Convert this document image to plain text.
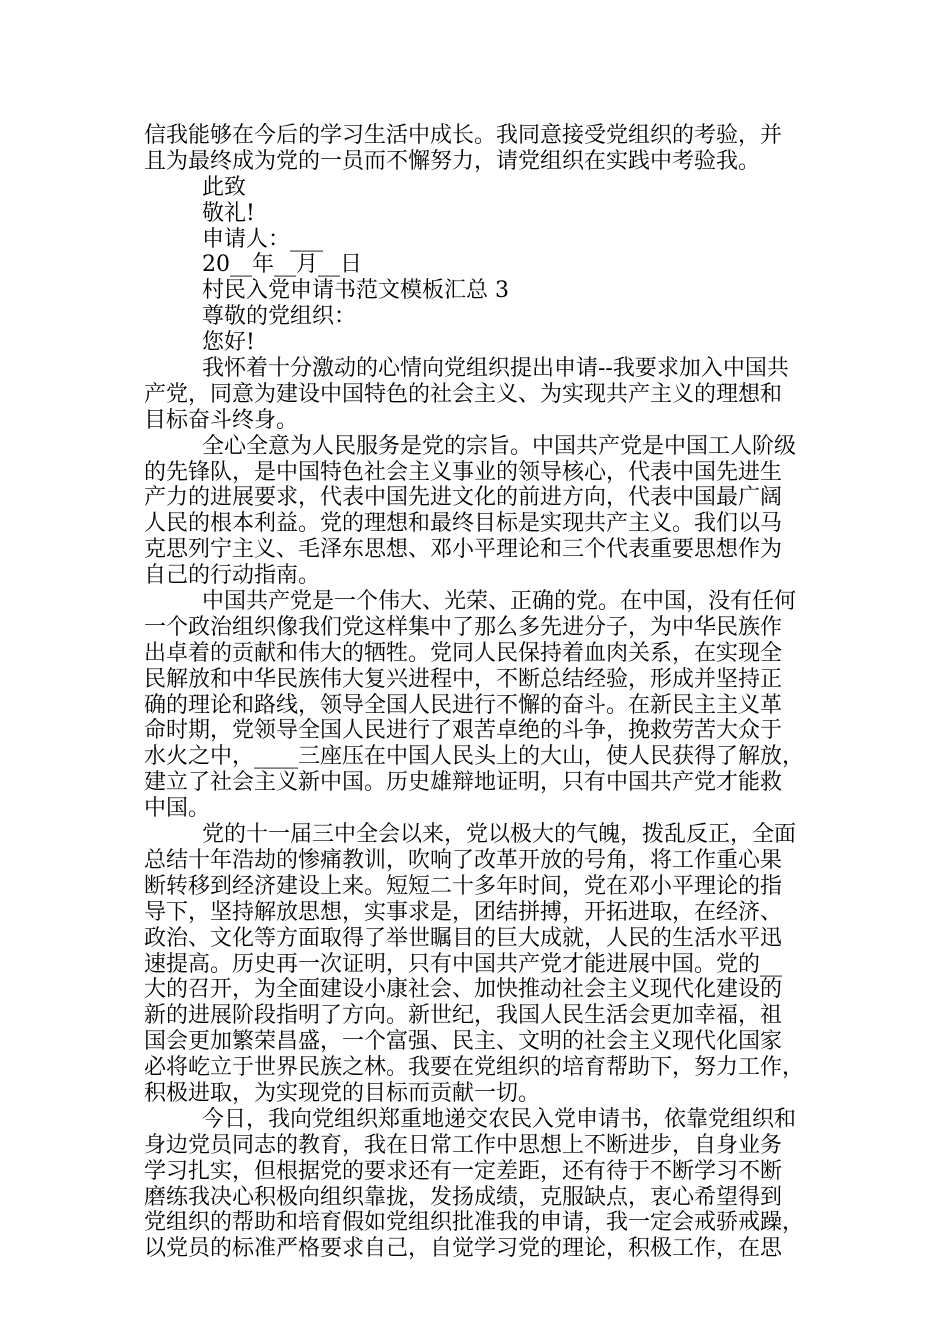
信我能够在今后的学习生活中成长。我同意接受党组织的考验，并

且为最终成为党的一员而不懈努力，请党组织在实践中考验我。

此致

敬礼!

申请人：___

20__年__月__日

村民入党申请书范文模板汇总 3

尊敬的党组织：

您好!

我怀着十分激动的心情向党组织提出申请--我要求加入中国共

产党，同意为建设中国特色的社会主义、为实现共产主义的理想和

目标奋斗终身。

全心全意为人民服务是党的宗旨。中国共产党是中国工人阶级

的先锋队，是中国特色社会主义事业的领导核心，代表中国先进生

产力的进展要求，代表中国先进文化的前进方向，代表中国最广阔

人民的根本利益。党的理想和最终目标是实现共产主义。我们以马

克思列宁主义、毛泽东思想、邓小平理论和三个代表重要思想作为

自己的行动指南。

中国共产党是一个伟大、光荣、正确的党。在中国，没有任何

一个政治组织像我们党这样集中了那么多先进分子，为中华民族作

出卓着的贡献和伟大的牺牲。党同人民保持着血肉关系，在实现全

民解放和中华民族伟大复兴进程中，不断总结经验，形成并坚持正

确的理论和路线，领导全国人民进行不懈的奋斗。在新民主主义革

命时期，党领导全国人民进行了艰苦卓绝的斗争，挽救劳苦大众于

水火之中，____三座压在中国人民头上的大山，使人民获得了解放，

建立了社会主义新中国。历史雄辩地证明，只有中国共产党才能救

中国。

党的十一届三中全会以来，党以极大的气魄，拨乱反正，全面

总结十年浩劫的惨痛教训，吹响了改革开放的号角，将工作重心果

断转移到经济建设上来。短短二十多年时间，党在邓小平理论的指

导下，坚持解放思想，实事求是，团结拼搏，开拓进取，在经济、

政治、文化等方面取得了举世瞩目的巨大成就，人民的生活水平迅

速提高。历史再一次证明，只有中国共产党才能进展中国。党的__

大的召开，为全面建设小康社会、加快推动社会主义现代化建设的

新的进展阶段指明了方向。新世纪，我国人民生活会更加幸福，祖

国会更加繁荣昌盛，一个富强、民主、文明的社会主义现代化国家

必将屹立于世界民族之林。我要在党组织的培育帮助下，努力工作，

积极进取，为实现党的目标而贡献一切。

今日，我向党组织郑重地递交农民入党申请书，依靠党组织和

身边党员同志的教育，我在日常工作中思想上不断进步，自身业务

学习扎实，但根据党的要求还有一定差距，还有待于不断学习不断

磨练我决心积极向组织靠拢，发扬成绩，克服缺点，衷心希望得到

党组织的帮助和培育假如党组织批准我的申请，我一定会戒骄戒躁，

以党员的标准严格要求自己，自觉学习党的理论，积极工作，在思
